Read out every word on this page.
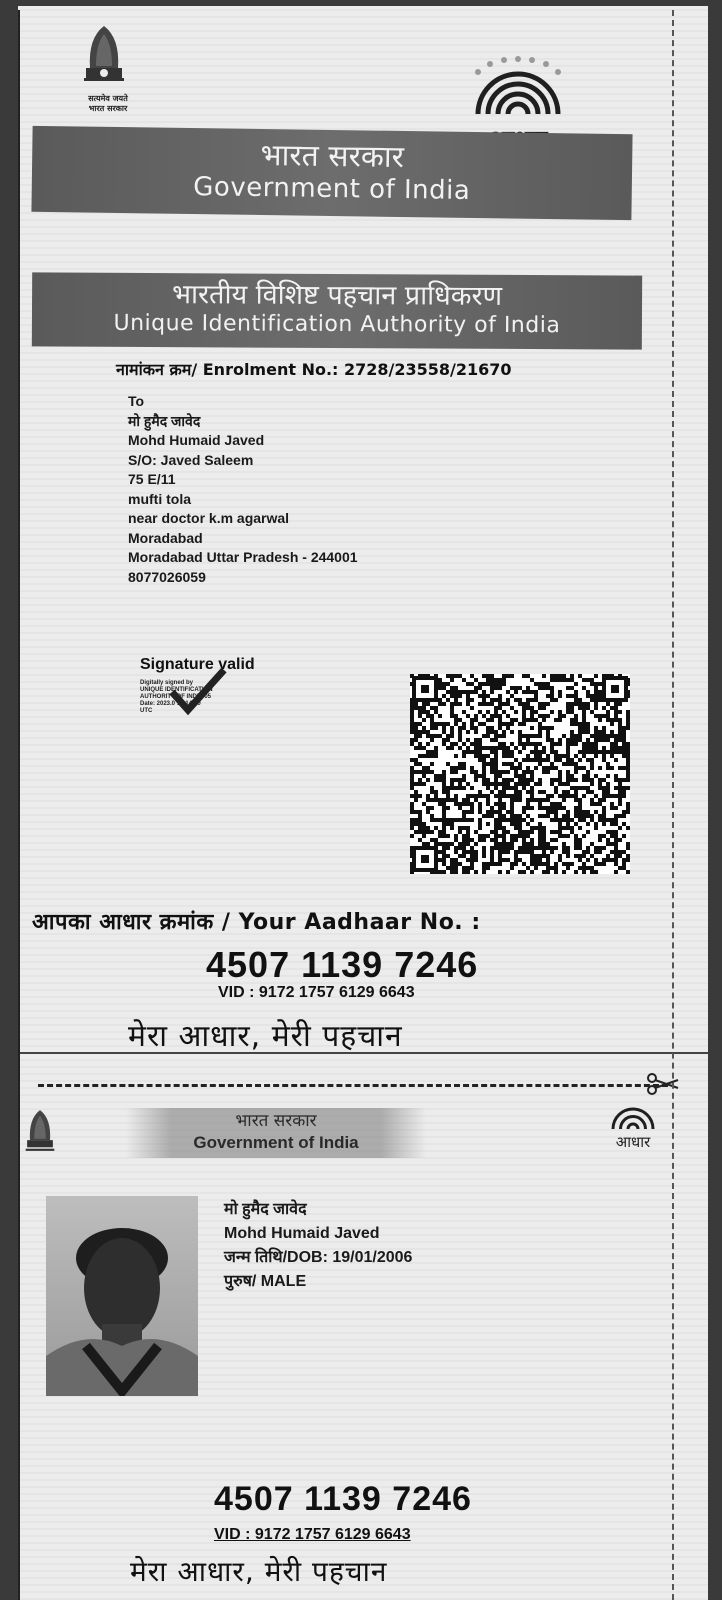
सत्यमेव जयते
भारत सरकार
भारत सरकार
Government of India
भारतीय विशिष्ट पहचान प्राधिकरण
Unique Identification Authority of India
नामांकन क्रम/ Enrolment No.: 2728/23558/21670
To
मो हुमैद जावेद
Mohd Humaid Javed
S/O: Javed Saleem
75 E/11
mufti tola
near doctor k.m agarwal
Moradabad
Moradabad Uttar Pradesh - 244001
8077026059
Signature valid
Digitally signed by
UNIQUE IDENTIFICATION
AUTHORITY OF INDIA 05
Date: 2023.0 14:14:30
UTC
आपका आधार क्रमांक / Your Aadhaar No. :
4507 1139 7246
VID : 9172 1757 6129 6643
मेरा आधार, मेरी पहचान
भारत सरकार
Government of India	आधार
मो हुमैद जावेद
Mohd Humaid Javed
जन्म तिथि/DOB: 19/01/2006
पुरुष/ MALE
4507 1139 7246
VID : 9172 1757 6129 6643
मेरा आधार, मेरी पहचान
